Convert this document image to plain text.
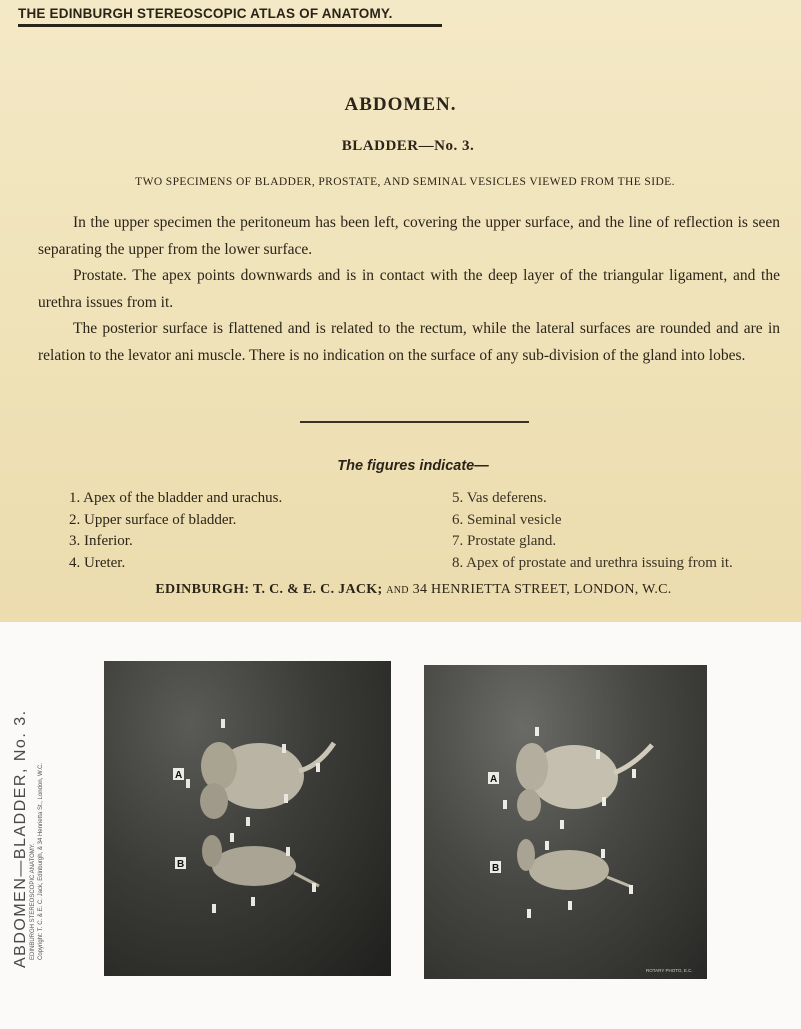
THE EDINBURGH STEREOSCOPIC ATLAS OF ANATOMY.
ABDOMEN.
BLADDER—No. 3.
TWO SPECIMENS OF BLADDER, PROSTATE, AND SEMINAL VESICLES VIEWED FROM THE SIDE.

In the upper specimen the peritoneum has been left, covering the upper surface, and the line of reflection is seen separating the upper from the lower surface.

Prostate. The apex points downwards and is in contact with the deep layer of the triangular ligament, and the urethra issues from it.

The posterior surface is flattened and is related to the rectum, while the lateral surfaces are rounded and are in relation to the levator ani muscle. There is no indication on the surface of any sub-division of the gland into lobes.

The figures indicate—
1. Apex of the bladder and urachus.
2. Upper surface of bladder.
3. Inferior.
4. Ureter.
5. Vas deferens.
6. Seminal vesicle
7. Prostate gland.
8. Apex of prostate and urethra issuing from it.
EDINBURGH: T. C. & E. C. JACK; AND 34 HENRIETTA STREET, LONDON, W.C.
ABDOMEN—BLADDER, No. 3. EDINBURGH STEREOSCOPIC ANATOMY. Copyright: T. C. & E. C. Jack, Edinburgh, & 34 Henrietta St., London, W.C.	A
B
A
B
ROTARY PHOTO, E.C.
